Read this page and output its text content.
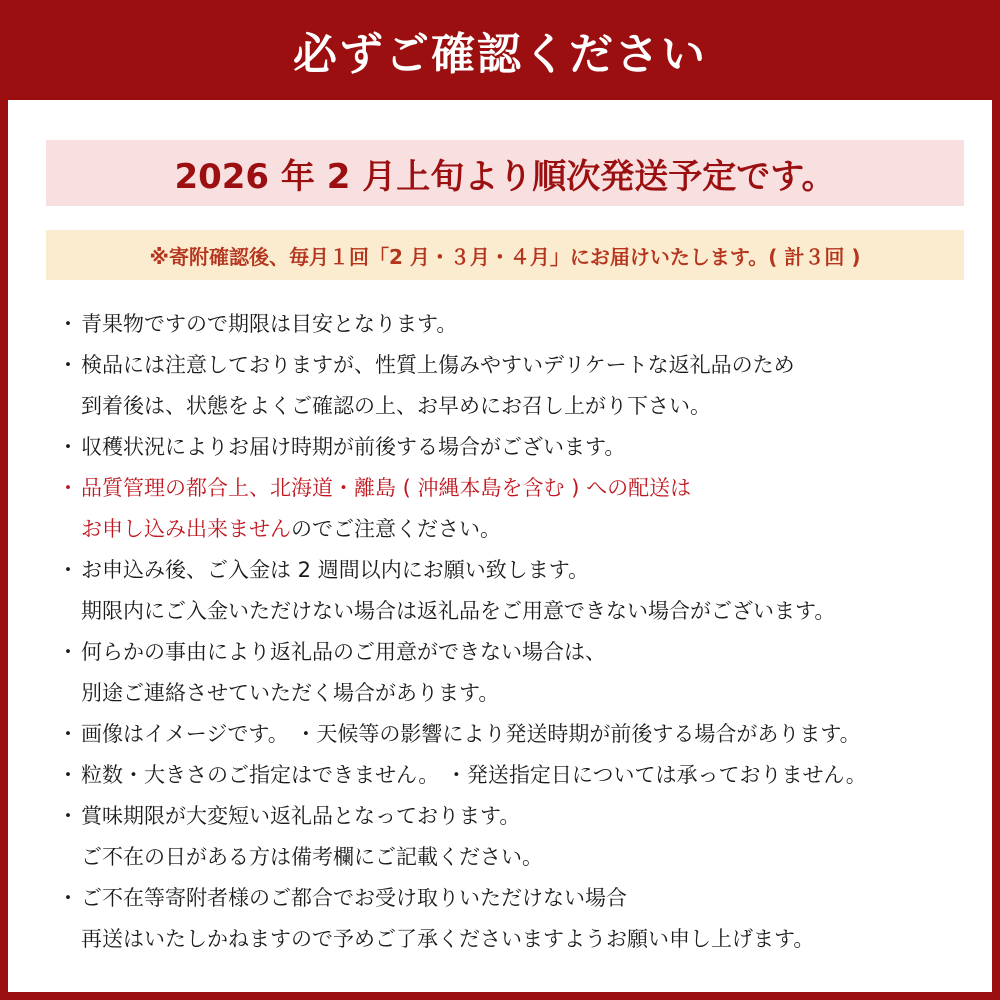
必ずご確認ください
2026 年 2 月上旬より順次発送予定です。
※寄附確認後、毎月１回「2 月・３月・４月」にお届けいたします。( 計３回 )
・ 青果物ですので期限は目安となります。
・ 検品には注意しておりますが、性質上傷みやすいデリケートな返礼品のため
到着後は、状態をよくご確認の上、お早めにお召し上がり下さい。
・ 収穫状況によりお届け時期が前後する場合がございます。
・ 品質管理の都合上、北海道・離島 ( 沖縄本島を含む ) への配送は
お申し込み出来ませんのでご注意ください。
・ お申込み後、ご入金は 2 週間以内にお願い致します。
期限内にご入金いただけない場合は返礼品をご用意できない場合がございます。
・ 何らかの事由により返礼品のご用意ができない場合は、
別途ご連絡させていただく場合があります。
・ 画像はイメージです。 ・天候等の影響により発送時期が前後する場合があります。
・ 粒数・大きさのご指定はできません。 ・発送指定日については承っておりません。
・ 賞味期限が大変短い返礼品となっております。
ご不在の日がある方は備考欄にご記載ください。
・ ご不在等寄附者様のご都合でお受け取りいただけない場合
再送はいたしかねますので予めご了承くださいますようお願い申し上げます。
